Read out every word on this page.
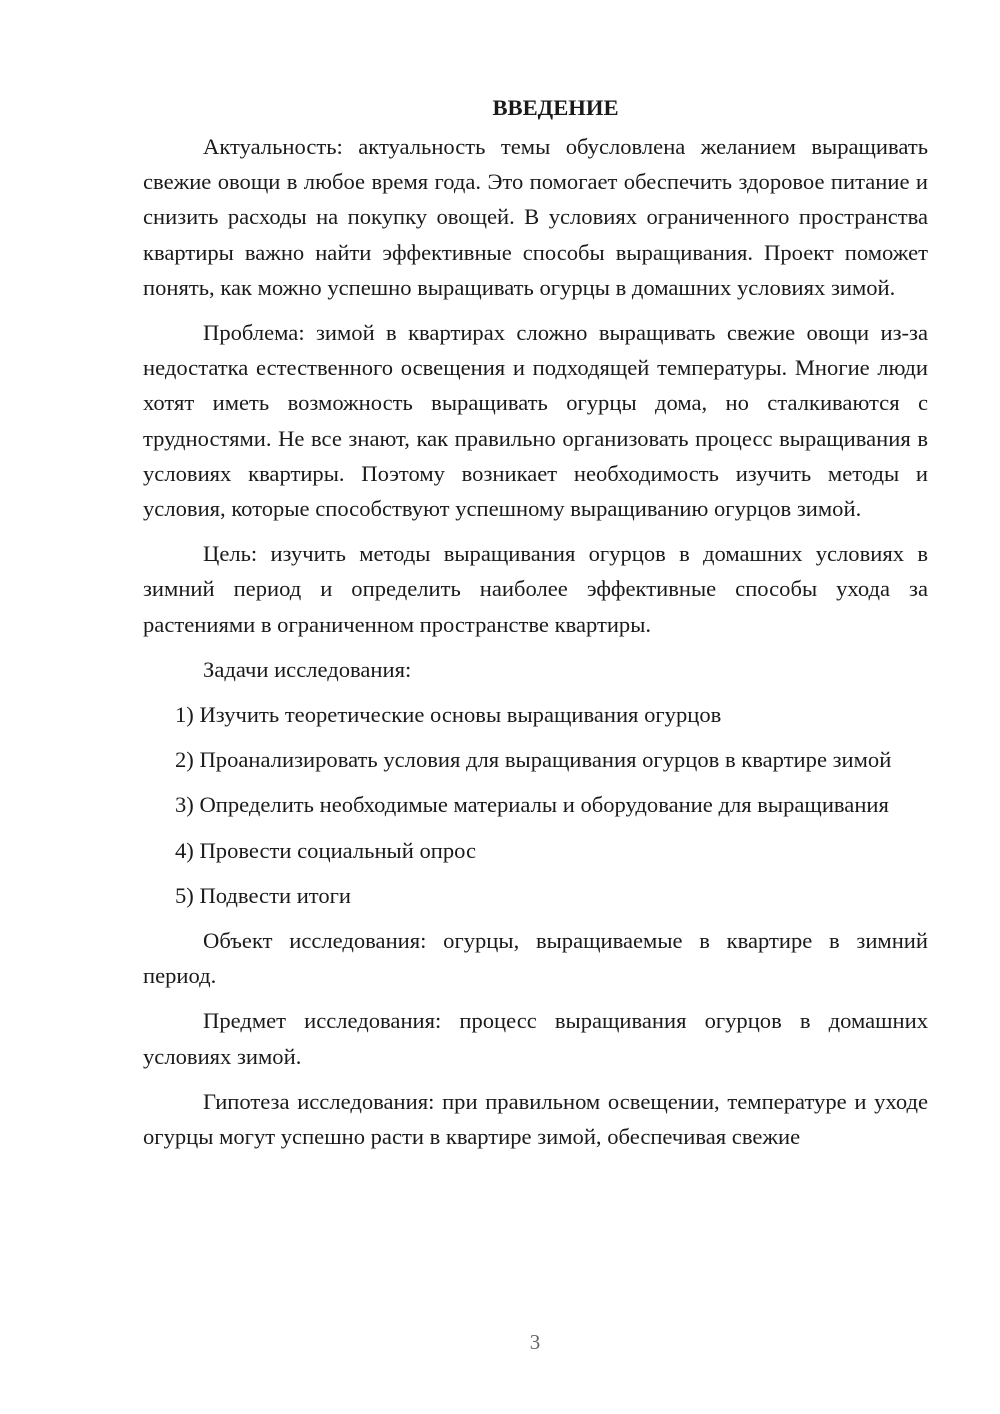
ВВЕДЕНИЕ

Актуальность: актуальность темы обусловлена желанием выращивать свежие овощи в любое время года. Это помогает обеспечить здоровое питание и снизить расходы на покупку овощей. В условиях ограниченного пространства квартиры важно найти эффективные способы выращивания. Проект поможет понять, как можно успешно выращивать огурцы в домашних условиях зимой.

Проблема: зимой в квартирах сложно выращивать свежие овощи из-за недостатка естественного освещения и подходящей температуры. Многие люди хотят иметь возможность выращивать огурцы дома, но сталкиваются с трудностями. Не все знают, как правильно организовать процесс выращивания в условиях квартиры. Поэтому возникает необходимость изучить методы и условия, которые способствуют успешному выращиванию огурцов зимой.

Цель: изучить методы выращивания огурцов в домашних условиях в зимний период и определить наиболее эффективные способы ухода за растениями в ограниченном пространстве квартиры.

Задачи исследования:

1) Изучить теоретические основы выращивания огурцов

2) Проанализировать условия для выращивания огурцов в квартире зимой

3) Определить необходимые материалы и оборудование для выращивания

4) Провести социальный опрос

5) Подвести итоги

Объект исследования: огурцы, выращиваемые в квартире в зимний период.

Предмет исследования: процесс выращивания огурцов в домашних условиях зимой.

Гипотеза исследования: при правильном освещении, температуре и уходе огурцы могут успешно расти в квартире зимой, обеспечивая свежие

3
